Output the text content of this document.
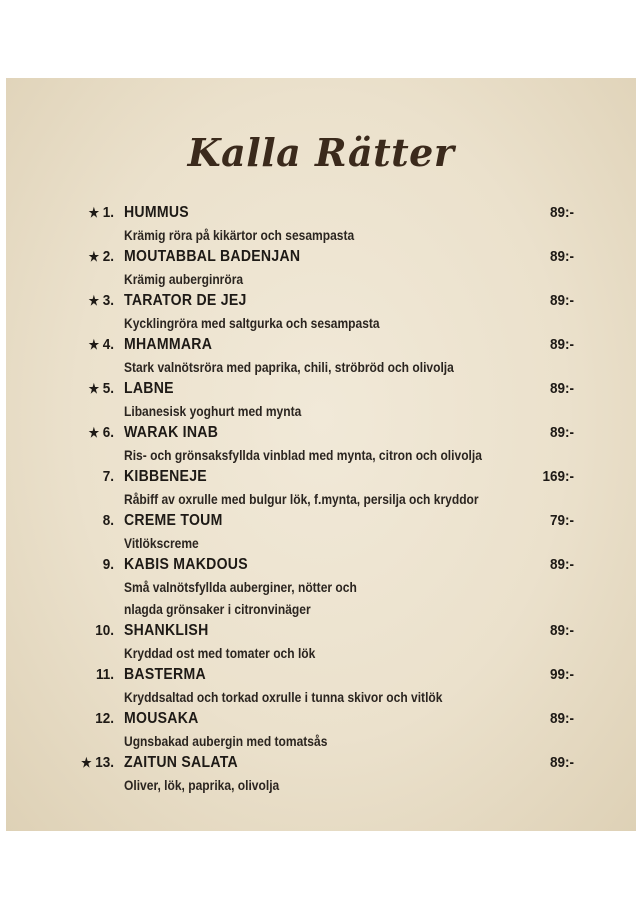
Kalla Rätter
★ 1. HUMMUS	89:-
Krämig röra på kikärtor och sesampasta
★ 2. MOUTABBAL BADENJAN	89:-
Krämig auberginröra
★ 3. TARATOR DE JEJ	89:-
Kycklingröra med saltgurka och sesampasta
★ 4. MHAMMARA	89:-
Stark valnötsröra med paprika, chili, ströbröd och olivolja
★ 5. LABNE	89:-
Libanesisk yoghurt med mynta
★ 6. WARAK INAB	89:-
Ris- och grönsaksfyllda vinblad med mynta, citron och olivolja
7. KIBBENEJE	169:-
Råbiff av oxrulle med bulgur lök, f.mynta, persilja och kryddor
8. CREME TOUM	79:-
Vitlökscreme
9. KABIS MAKDOUS	89:-
Små valnötsfyllda auberginer, nötter och
nlagda grönsaker i citronvinäger
10. SHANKLISH	89:-
Kryddad ost med tomater och lök
11. BASTERMA	99:-
Kryddsaltad och torkad oxrulle i tunna skivor och vitlök
12. MOUSAKA	89:-
Ugnsbakad aubergin med tomatsås
★ 13. ZAITUN SALATA	89:-
Oliver, lök, paprika, olivolja
